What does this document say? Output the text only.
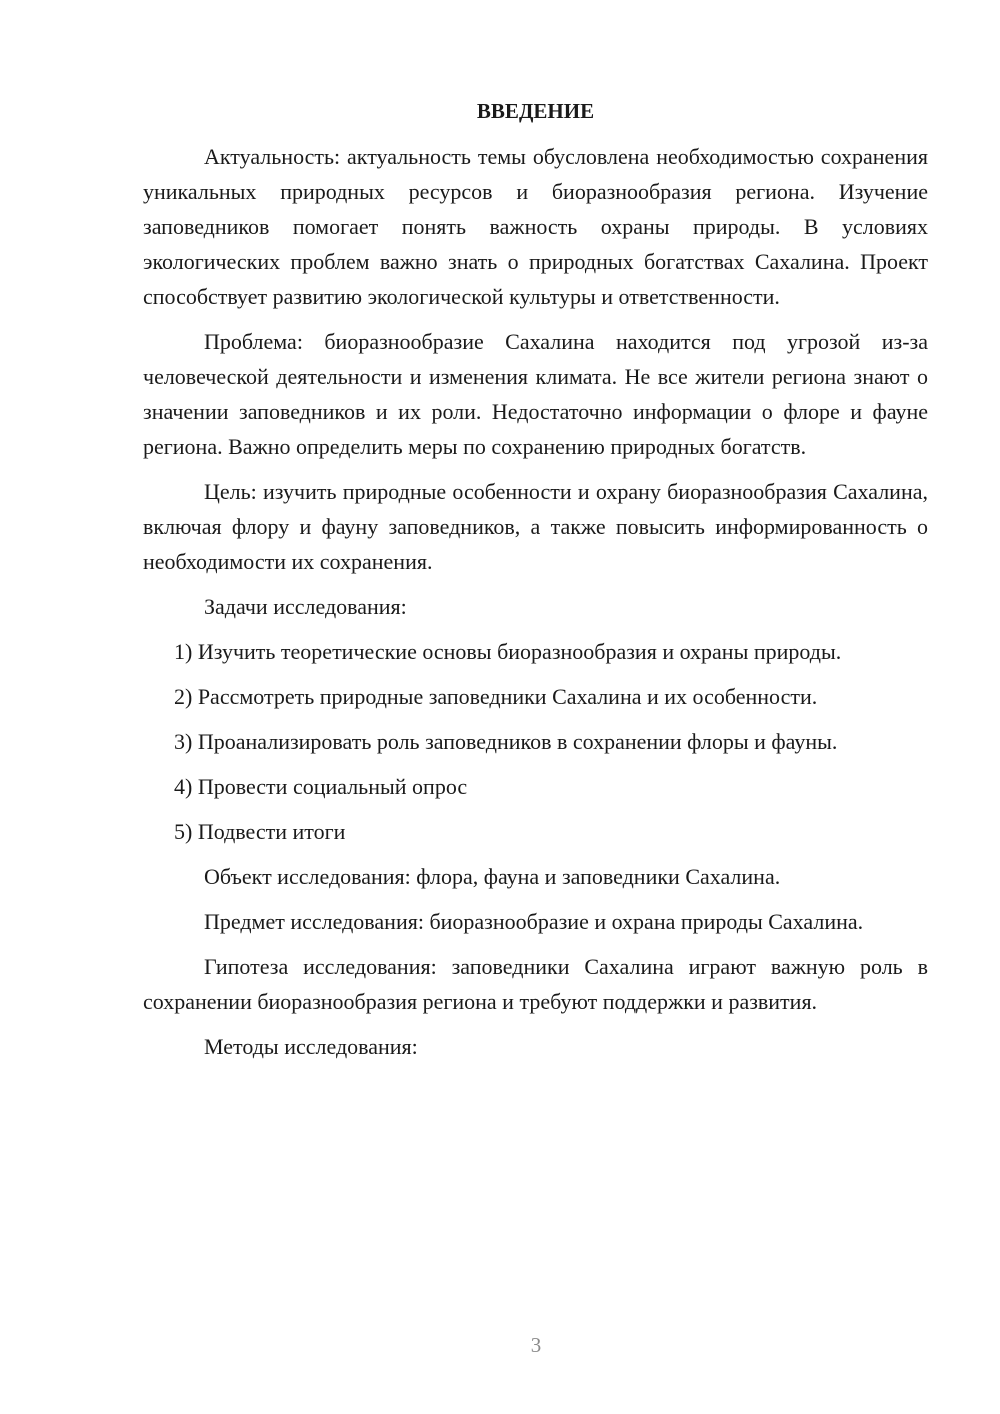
ВВЕДЕНИЕ

Актуальность: актуальность темы обусловлена необходимостью сохранения уникальных природных ресурсов и биоразнообразия региона. Изучение заповедников помогает понять важность охраны природы. В условиях экологических проблем важно знать о природных богатствах Сахалина. Проект способствует развитию экологической культуры и ответственности.

Проблема: биоразнообразие Сахалина находится под угрозой из-за человеческой деятельности и изменения климата. Не все жители региона знают о значении заповедников и их роли. Недостаточно информации о флоре и фауне региона. Важно определить меры по сохранению природных богатств.

Цель: изучить природные особенности и охрану биоразнообразия Сахалина, включая флору и фауну заповедников, а также повысить информированность о необходимости их сохранения.

Задачи исследования:

1) Изучить теоретические основы биоразнообразия и охраны природы.

2) Рассмотреть природные заповедники Сахалина и их особенности.

3) Проанализировать роль заповедников в сохранении флоры и фауны.

4) Провести социальный опрос

5) Подвести итоги

Объект исследования: флора, фауна и заповедники Сахалина.

Предмет исследования: биоразнообразие и охрана природы Сахалина.

Гипотеза исследования: заповедники Сахалина играют важную роль в сохранении биоразнообразия региона и требуют поддержки и развития.

Методы исследования:

3
